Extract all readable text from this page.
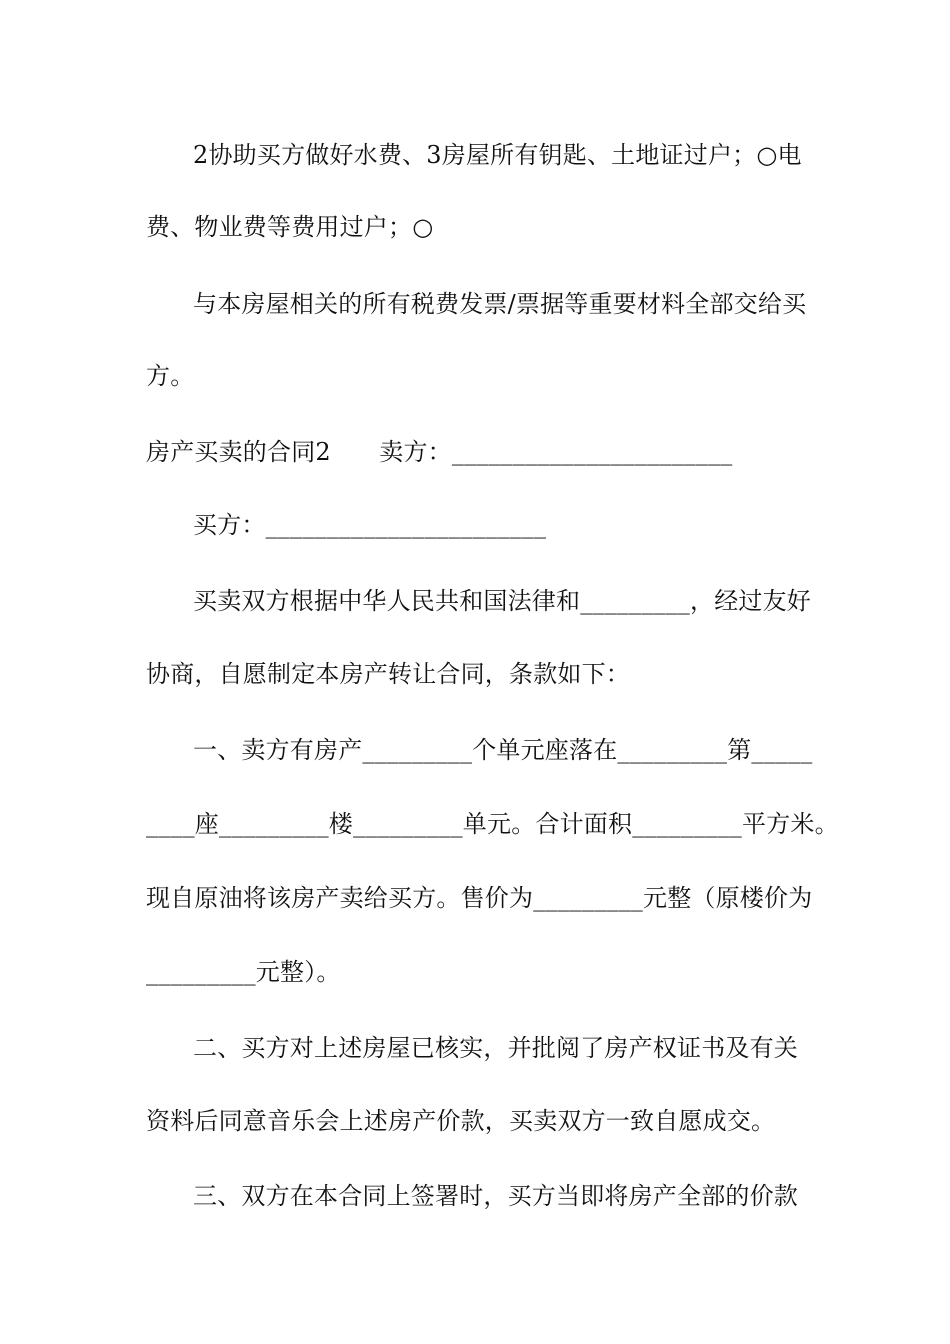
2协助买方做好水费、3房屋所有钥匙、土地证过户；○电
费、物业费等费用过户；○
与本房屋相关的所有税费发票/票据等重要材料全部交给买
方。
房产买卖的合同2　　卖方：_______________________
买方：_______________________
买卖双方根据中华人民共和国法律和_________，经过友好
协商，自愿制定本房产转让合同，条款如下：
一、卖方有房产_________个单元座落在_________第_____
____座_________楼_________单元。合计面积_________平方米。
现自原油将该房产卖给买方。售价为_________元整（原楼价为
_________元整）。
二、买方对上述房屋已核实，并批阅了房产权证书及有关
资料后同意音乐会上述房产价款，买卖双方一致自愿成交。
三、双方在本合同上签署时，买方当即将房产全部的价款
